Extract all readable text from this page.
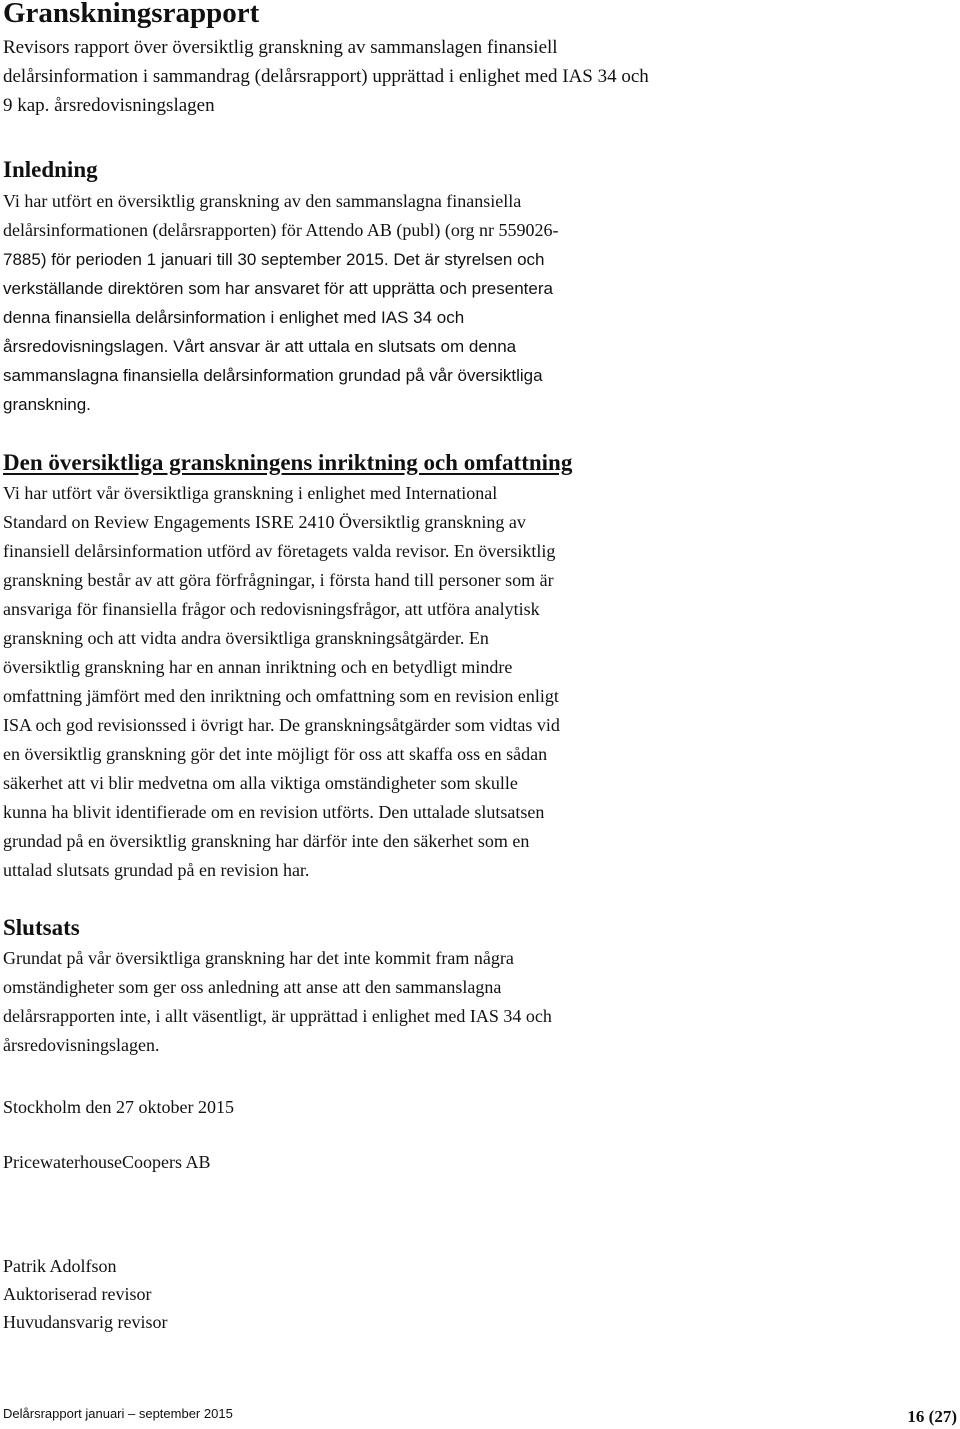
Granskningsrapport

Revisors rapport över översiktlig granskning av sammanslagen finansiell delårsinformation i sammandrag (delårsrapport) upprättad i enlighet med IAS 34 och 9 kap. årsredovisningslagen

Inledning

Vi har utfört en översiktlig granskning av den sammanslagna finansiella
delårsinformationen (delårsrapporten) för Attendo AB (publ) (org nr 559026-
7885) för perioden 1 januari till 30 september 2015. Det är styrelsen och
verkställande direktören som har ansvaret för att upprätta och presentera
denna finansiella delårsinformation i enlighet med IAS 34 och
årsredovisningslagen. Vårt ansvar är att uttala en slutsats om denna
sammanslagna finansiella delårsinformation grundad på vår översiktliga
granskning.

Den översiktliga granskningens inriktning och omfattning

Vi har utfört vår översiktliga granskning i enlighet med International
Standard on Review Engagements ISRE 2410 Översiktlig granskning av
finansiell delårsinformation utförd av företagets valda revisor. En översiktlig
granskning består av att göra förfrågningar, i första hand till personer som är
ansvariga för finansiella frågor och redovisningsfrågor, att utföra analytisk
granskning och att vidta andra översiktliga granskningsåtgärder. En
översiktlig granskning har en annan inriktning och en betydligt mindre
omfattning jämfört med den inriktning och omfattning som en revision enligt
ISA och god revisionssed i övrigt har. De granskningsåtgärder som vidtas vid
en översiktlig granskning gör det inte möjligt för oss att skaffa oss en sådan
säkerhet att vi blir medvetna om alla viktiga omständigheter som skulle
kunna ha blivit identifierade om en revision utförts. Den uttalade slutsatsen
grundad på en översiktlig granskning har därför inte den säkerhet som en
uttalad slutsats grundad på en revision har.

Slutsats

Grundat på vår översiktliga granskning har det inte kommit fram några
omständigheter som ger oss anledning att anse att den sammanslagna
delårsrapporten inte, i allt väsentligt, är upprättad i enlighet med IAS 34 och
årsredovisningslagen.

Stockholm den 27 oktober 2015

PricewaterhouseCoopers AB

Patrik Adolfson

Auktoriserad revisor

Huvudansvarig revisor

Delårsrapport januari – september 2015	16 (27)
